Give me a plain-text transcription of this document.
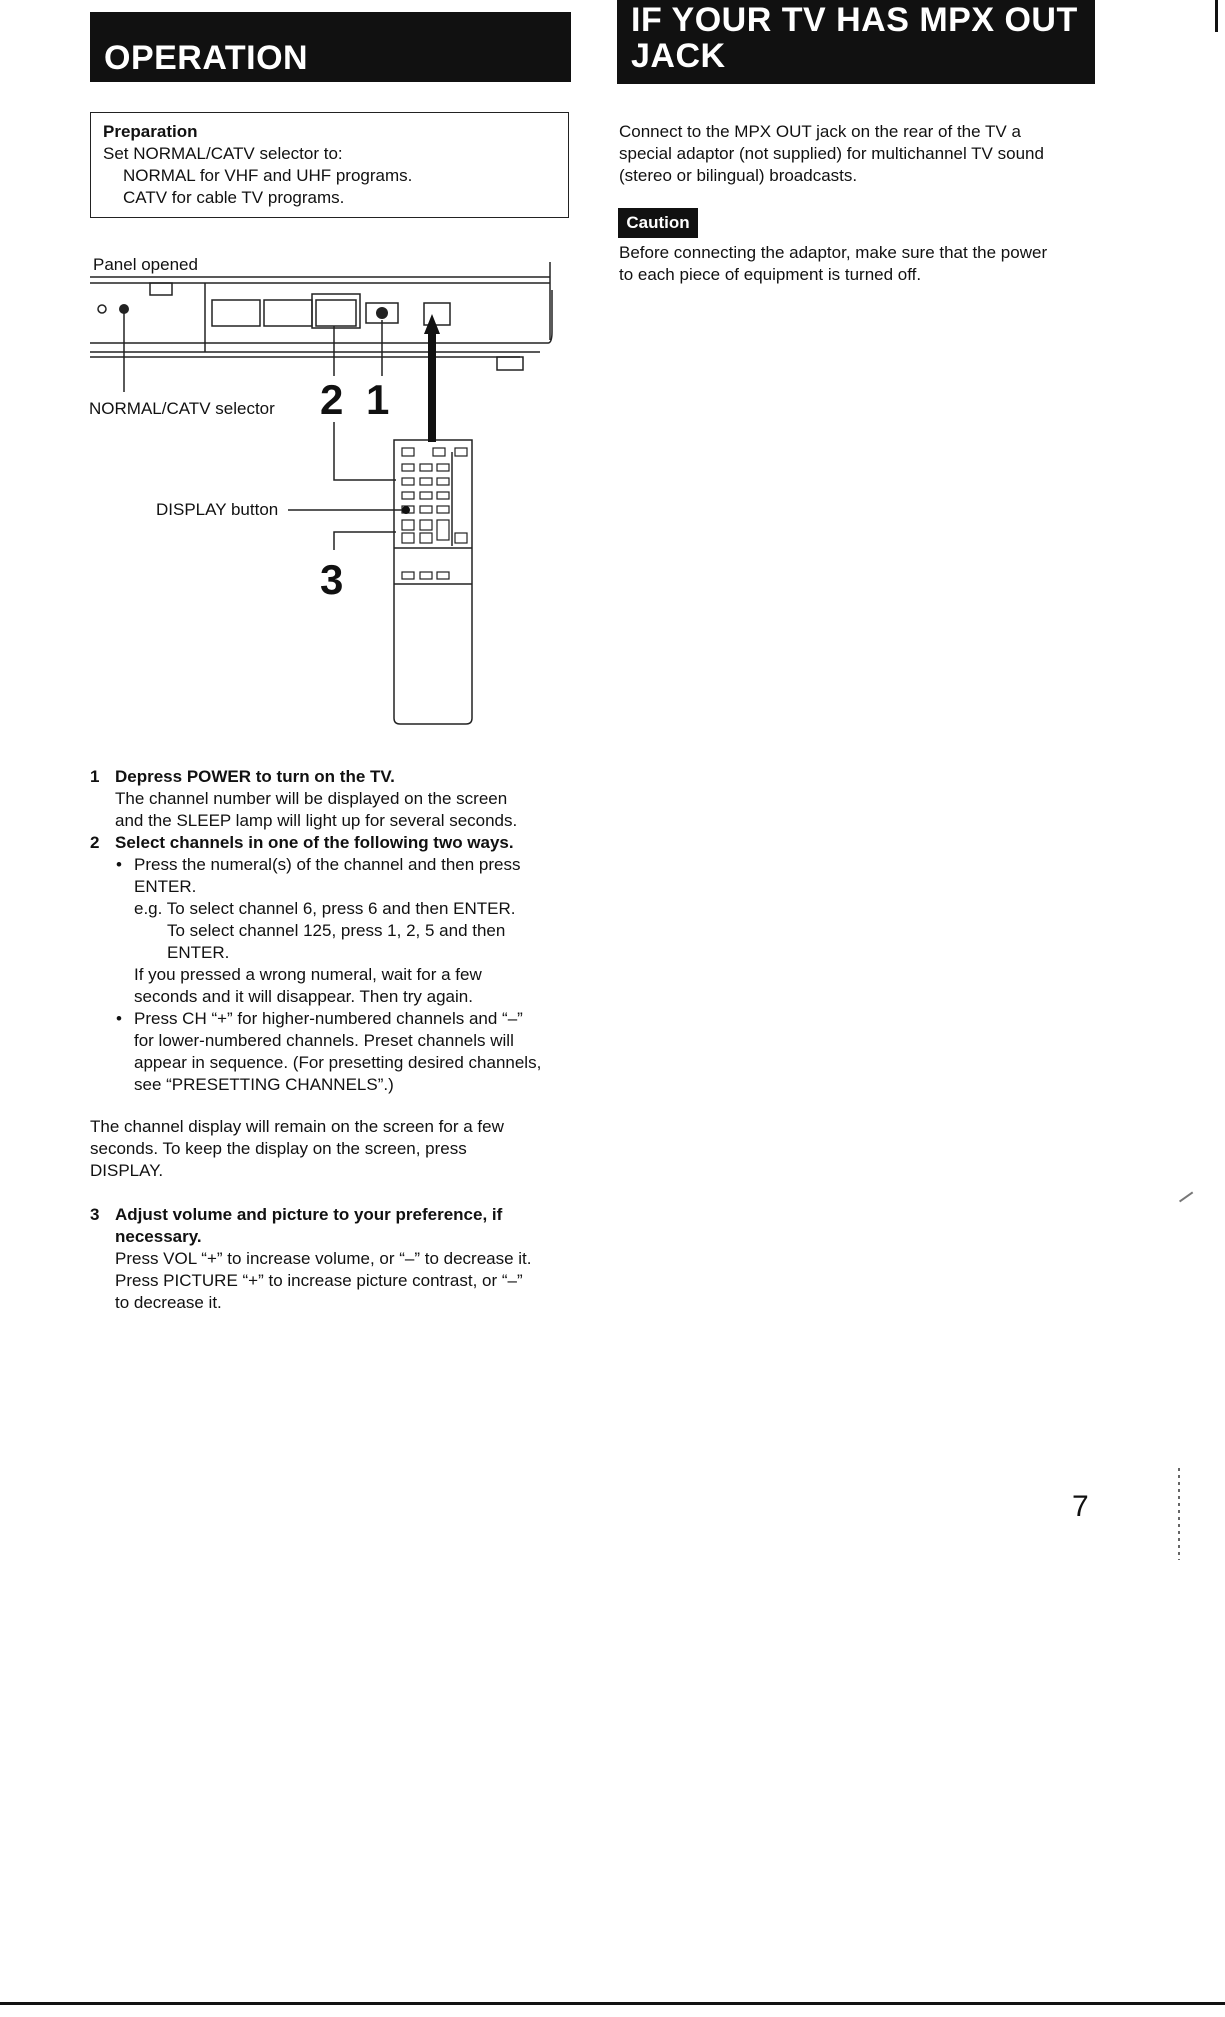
OPERATION
IF YOUR TV HAS MPX OUT
JACK
Preparation
Set NORMAL/CATV selector to:
NORMAL for VHF and UHF programs.
CATV for cable TV programs.
Panel opened
NORMAL/CATV selector
DISPLAY button
2 1
3
1 Depress POWER to turn on the TV.
The channel number will be displayed on the screen
and the SLEEP lamp will light up for several seconds.
2 Select channels in one of the following two ways.
• Press the numeral(s) of the channel and then press
ENTER.
e.g. To select channel 6, press 6 and then ENTER.
To select channel 125, press 1, 2, 5 and then
ENTER.
If you pressed a wrong numeral, wait for a few
seconds and it will disappear. Then try again.
• Press CH “+” for higher-numbered channels and “–”
for lower-numbered channels. Preset channels will
appear in sequence. (For presetting desired channels,
see “PRESETTING CHANNELS”.)
The channel display will remain on the screen for a few
seconds. To keep the display on the screen, press
DISPLAY.
3 Adjust volume and picture to your preference, if
necessary.
Press VOL “+” to increase volume, or “–” to decrease it.
Press PICTURE “+” to increase picture contrast, or “–”
to decrease it.
Connect to the MPX OUT jack on the rear of the TV a
special adaptor (not supplied) for multichannel TV sound
(stereo or bilingual) broadcasts.
Caution
Before connecting the adaptor, make sure that the power
to each piece of equipment is turned off.
7
